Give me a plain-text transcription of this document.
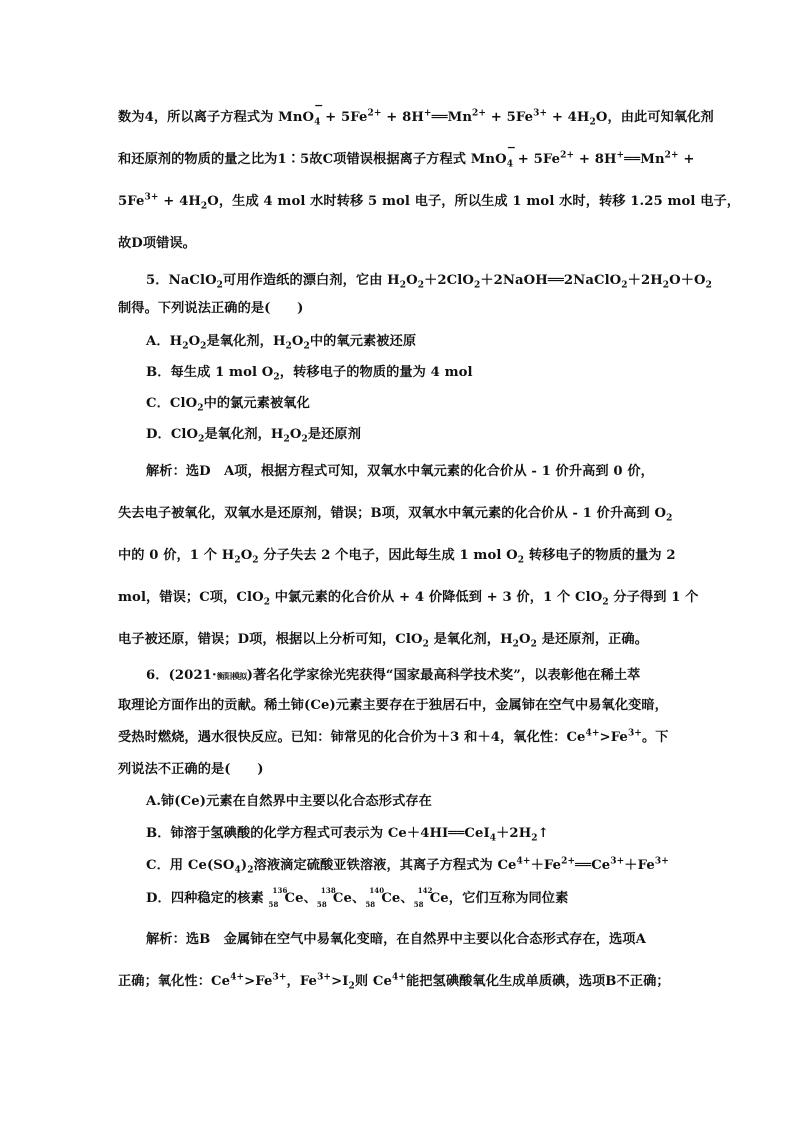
数为4，所以离子方程式为 MnO
−
$_4 + 5Fe^{2+}$ + $8H^+══Mn^{2+} + 5Fe^{3+} + 4H_2O$，由此可知氧化剂
和还原剂的物质的量之比为1∶5故C项错误根据离子方程式 MnO
−
$_4 + 5Fe^{2+}$ + $8H^+══Mn^{2+}$ +
$5Fe^{3+} + 4H_2O$，生成 4 mol 水时转移 5 mol 电子，所以生成 1 mol 水时，转移 1.25 mol 电子，
故D项错误。
5．NaClO$_2$可用作造纸的漂白剂，它由 $H_2O_2+2ClO_2+2NaOH══2NaClO_2+2H_2O+O_2$
制得。下列说法正确的是(　　)
A．$H_2O_2$是氧化剂，$H_2O_2$中的氧元素被还原
B．每生成 1 mol $O_2$，转移电子的物质的量为 4 mol
C．ClO$_2$中的氯元素被氧化
D．ClO$_2$是氧化剂，$H_2O_2$是还原剂
解析：选D　A项，根据方程式可知，双氧水中氧元素的化合价从 - 1 价升高到 0 价，
失去电子被氧化，双氧水是还原剂，错误；B项，双氧水中氧元素的化合价从 - 1 价升高到 $O_2$
中的 0 价，1 个 $H_2O_2$ 分子失去 2 个电子，因此每生成 1 mol $O_2$ 转移电子的物质的量为 2
mol，错误；C项，ClO$_2$ 中氯元素的化合价从 + 4 价降低到 + 3 价，1 个 ClO$_2$ 分子得到 1 个
电子被还原，错误；D项，根据以上分析可知，ClO$_2$ 是氧化剂，$H_2O_2$ 是还原剂，正确。
6．(2021·衡阳模拟)著名化学家徐光宪获得“国家最高科学技术奖”，以表彰他在稀土萃
取理论方面作出的贡献。稀土铈(Ce)元素主要存在于独居石中，金属铈在空气中易氧化变暗，
受热时燃烧，遇水很快反应。已知：铈常见的化合价为＋3 和＋4，氧化性：$Ce^{4+}>Fe^{3+}$。下
列说法不正确的是(　　)
A.铈(Ce)元素在自然界中主要以化合态形式存在
B．铈溶于氢碘酸的化学方程式可表示为 $Ce+4HI══CeI_4+2H_2↑$
C．用 $Ce(SO_4)_2$溶液滴定硫酸亚铁溶液，其离子方程式为 $Ce^{4+}+Fe^{2+}══Ce^{3+}+Fe^{3+}$
D．四种稳定的核素
136
58 Ce、
138
58 Ce、
140
58 Ce、
142
58 Ce，它们互称为同位素
解析：选B　金属铈在空气中易氧化变暗，在自然界中主要以化合态形式存在，选项A
正确；氧化性：$Ce^{4+}>Fe^{3+}$，$Fe^{3+}>I_2$则 $Ce^{4+}$能把氢碘酸氧化生成单质碘，选项B不正确；
